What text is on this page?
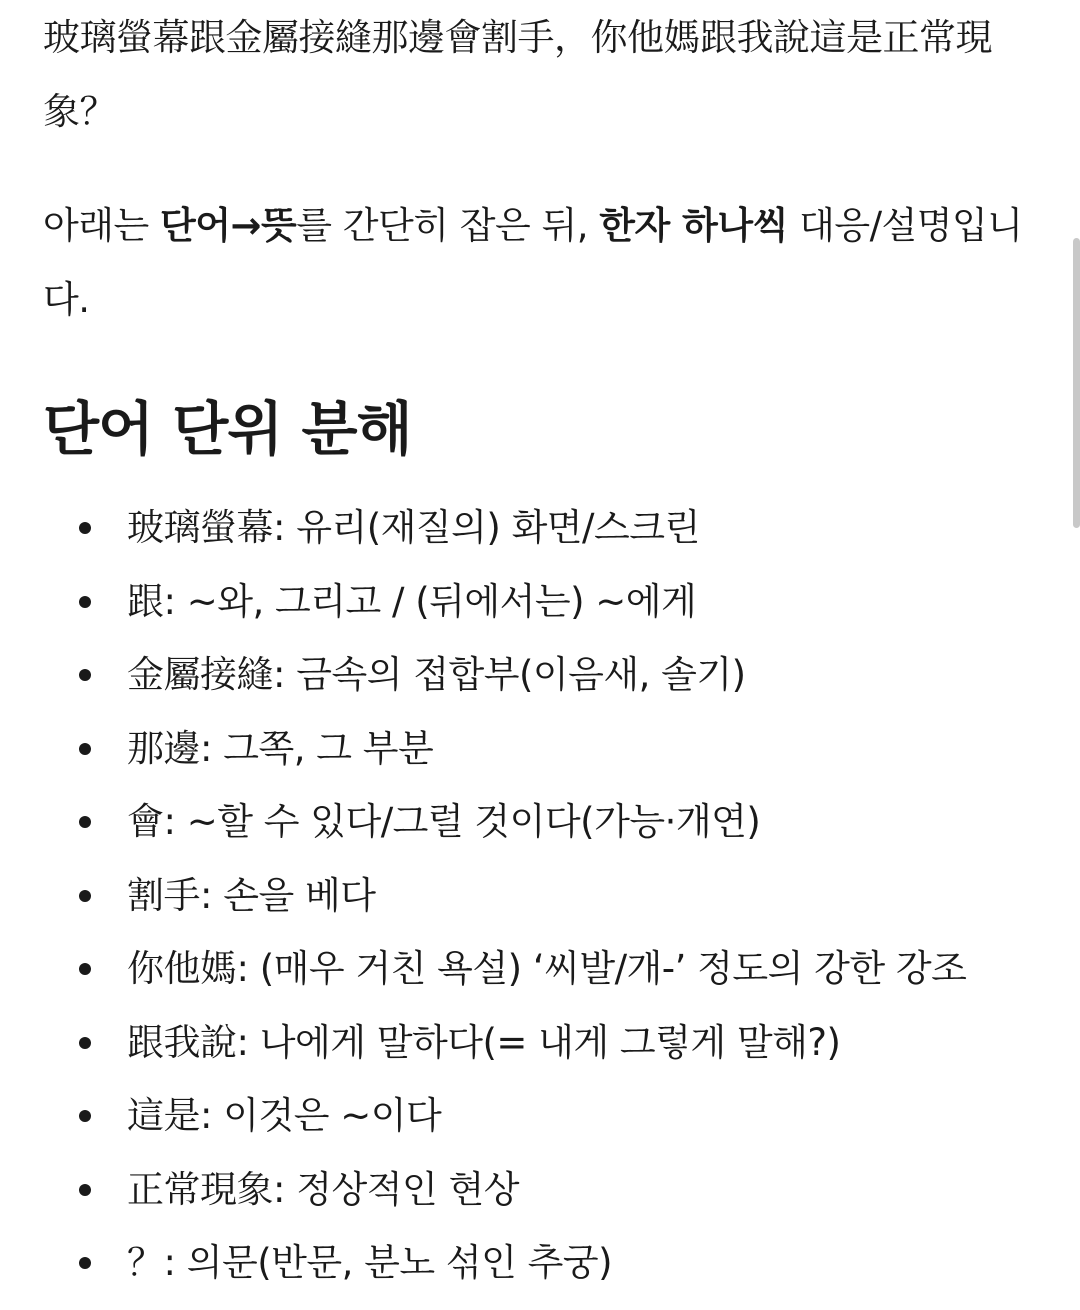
玻璃螢幕跟金屬接縫那邊會割手，你他媽跟我說這是正常現象？

아래는 단어→뜻를 간단히 잡은 뒤, 한자 하나씩 대응/설명입니다.

단어 단위 분해
玻璃螢幕: 유리(재질의) 화면/스크린
跟: ~와, 그리고 / (뒤에서는) ~에게
金屬接縫: 금속의 접합부(이음새, 솔기)
那邊: 그쪽, 그 부분
會: ~할 수 있다/그럴 것이다(가능·개연)
割手: 손을 베다
你他媽: (매우 거친 욕설) ‘씨발/개-’ 정도의 강한 강조
跟我說: 나에게 말하다(= 내게 그렇게 말해?)
這是: 이것은 ~이다
正常現象: 정상적인 현상
？: 의문(반문, 분노 섞인 추궁)
